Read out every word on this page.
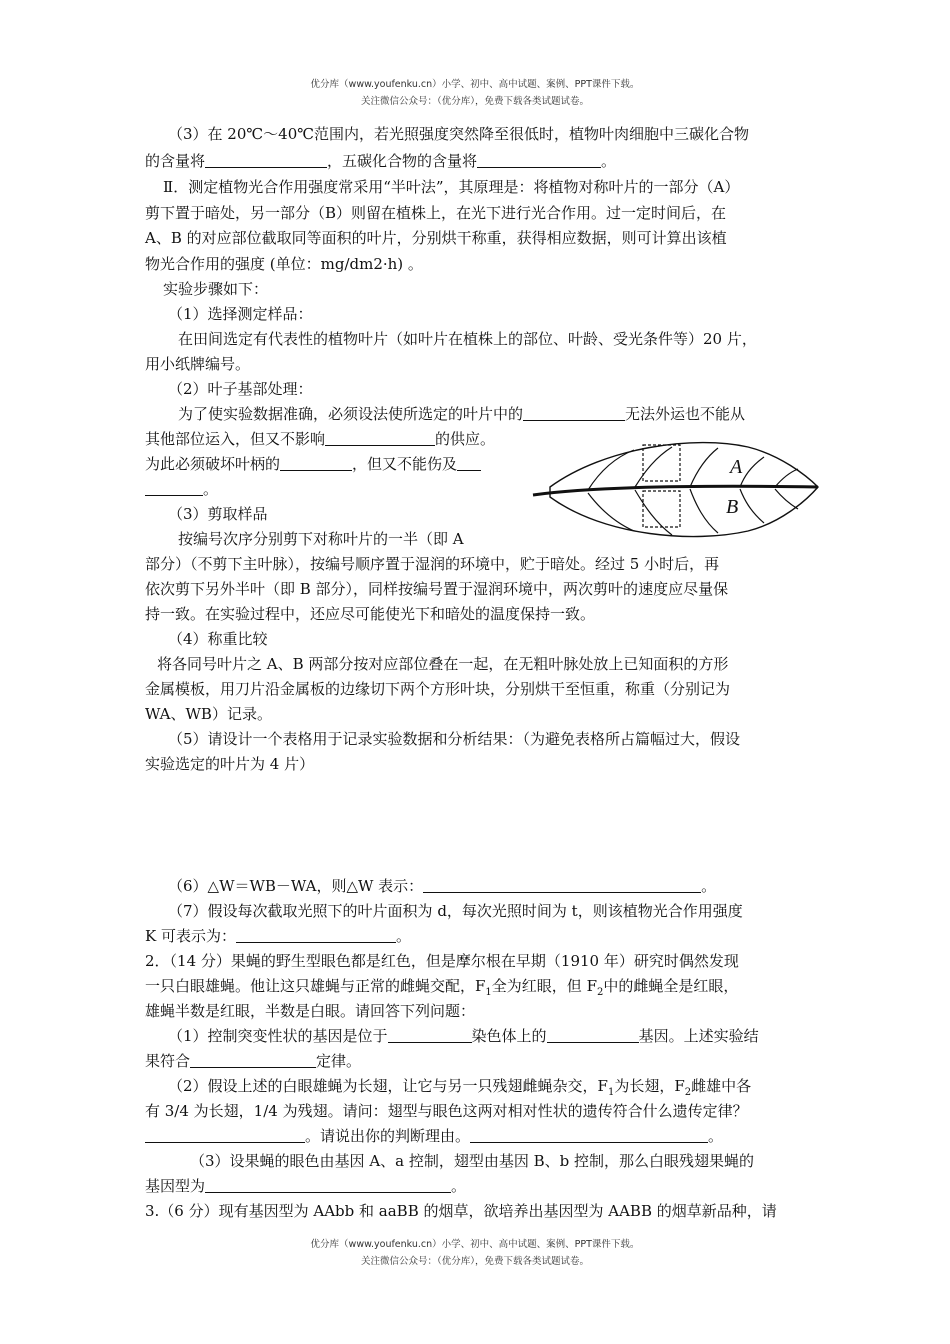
优分库（www.youfenku.cn）小学、初中、高中试题、案例、PPT课件下载。
关注微信公众号：（优分库），免费下载各类试题试卷。
（3）在 20℃～40℃范围内，若光照强度突然降至很低时，植物叶肉细胞中三碳化合物
的含量将	，五碳化合物的含量将	。
Ⅱ．测定植物光合作用强度常采用“半叶法”，其原理是：将植物对称叶片的一部分（A）
剪下置于暗处，另一部分（B）则留在植株上，在光下进行光合作用。过一定时间后，在
A、B 的对应部位截取同等面积的叶片，分别烘干称重，获得相应数据，则可计算出该植
物光合作用的强度 (单位：mg/dm2·h) 。
实验步骤如下：
（1）选择测定样品：
在田间选定有代表性的植物叶片（如叶片在植株上的部位、叶龄、受光条件等）20 片，
用小纸牌编号。
（2）叶子基部处理：
为了使实验数据准确，必须设法使所选定的叶片中的	无法外运也不能从
其他部位运入，但又不影响	的供应。
为此必须破坏叶柄的	，但又不能伤及
。
（3）剪取样品
按编号次序分别剪下对称叶片的一半（即 A
部分）（不剪下主叶脉），按编号顺序置于湿润的环境中，贮于暗处。经过 5 小时后，再
依次剪下另外半叶（即 B 部分），同样按编号置于湿润环境中，两次剪叶的速度应尽量保
持一致。在实验过程中，还应尽可能使光下和暗处的温度保持一致。
（4）称重比较
将各同号叶片之 A、B 两部分按对应部位叠在一起，在无粗叶脉处放上已知面积的方形
金属模板，用刀片沿金属板的边缘切下两个方形叶块，分别烘干至恒重，称重（分别记为
WA、WB）记录。
（5）请设计一个表格用于记录实验数据和分析结果：（为避免表格所占篇幅过大，假设
实验选定的叶片为 4 片）
（6）△W＝WB－WA，则△W 表示：	。
（7）假设每次截取光照下的叶片面积为 d，每次光照时间为 t，则该植物光合作用强度
K 可表示为：	。
2．（14 分）果蝇的野生型眼色都是红色，但是摩尔根在早期（1910 年）研究时偶然发现
一只白眼雄蝇。他让这只雄蝇与正常的雌蝇交配，$F_1$全为红眼，但 $F_2$中的雌蝇全是红眼，
雄蝇半数是红眼，半数是白眼。请回答下列问题：
（1）控制突变性状的基因是位于	染色体上的	基因。上述实验结
果符合	定律。
（2）假设上述的白眼雄蝇为长翅，让它与另一只残翅雌蝇杂交，$F_1$为长翅，$F_2$雌雄中各
有 3/4 为长翅，1/4 为残翅。请问：翅型与眼色这两对相对性状的遗传符合什么遗传定律？
。请说出你的判断理由。	。
（3）设果蝇的眼色由基因 A、a 控制，翅型由基因 B、b 控制，那么白眼残翅果蝇的
基因型为	。
3.（6 分）现有基因型为 AAbb 和 aaBB 的烟草，欲培养出基因型为 AABB 的烟草新品种，请
A
B
优分库（www.youfenku.cn）小学、初中、高中试题、案例、PPT课件下载。
关注微信公众号：（优分库），免费下载各类试题试卷。
